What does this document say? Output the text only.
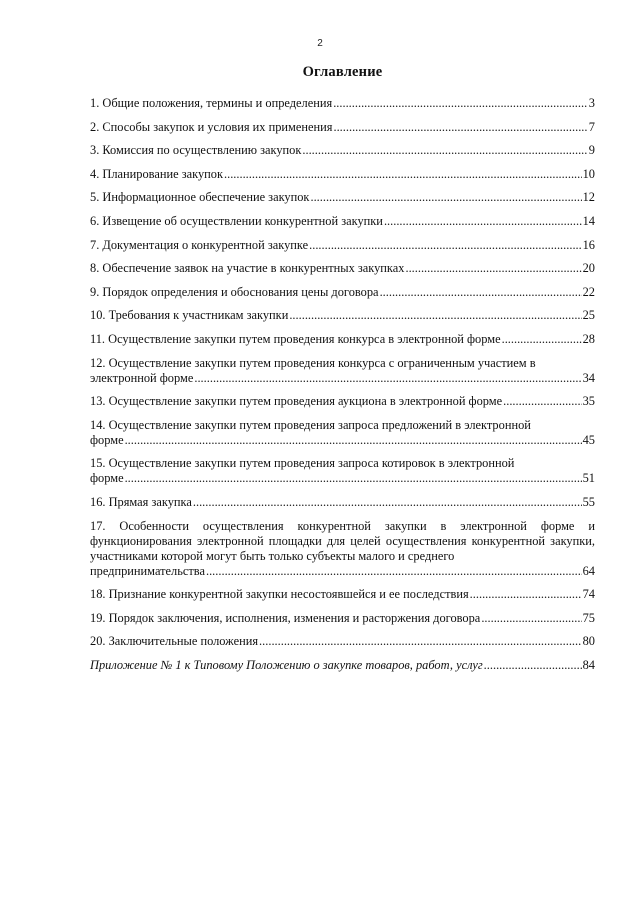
2
Оглавление
1. Общие положения, термины и определения .....	3
2. Способы закупок и условия их применения .....	7
3. Комиссия по осуществлению закупок .....	9
4. Планирование закупок .....	10
5. Информационное обеспечение закупок .....	12
6. Извещение об осуществлении конкурентной закупки .....	14
7. Документация о конкурентной закупке .....	16
8. Обеспечение заявок на участие в конкурентных закупках .....	20
9. Порядок определения и обоснования цены договора .....	22
10. Требования к участникам закупки .....	25
11. Осуществление закупки путем проведения конкурса в электронной форме .....	28
12. Осуществление закупки путем проведения конкурса с ограниченным участием в
электронной форме .....	34
13. Осуществление закупки путем проведения аукциона в электронной форме .....	35
14. Осуществление закупки путем проведения запроса предложений в электронной
форме .....	45
15. Осуществление закупки путем проведения запроса котировок в электронной
форме .....	51
16. Прямая закупка .....	55
17. Особенности осуществления конкурентной закупки в электронной форме и функционирования электронной площадки для целей осуществления конкурентной закупки, участниками которой могут быть только субъекты малого и среднего
предпринимательства .....	64
18. Признание конкурентной закупки несостоявшейся и ее последствия .....	74
19. Порядок заключения, исполнения, изменения и расторжения договора .....	75
20. Заключительные положения .....	80
Приложение № 1 к Типовому Положению о закупке товаров, работ, услуг .....	84
